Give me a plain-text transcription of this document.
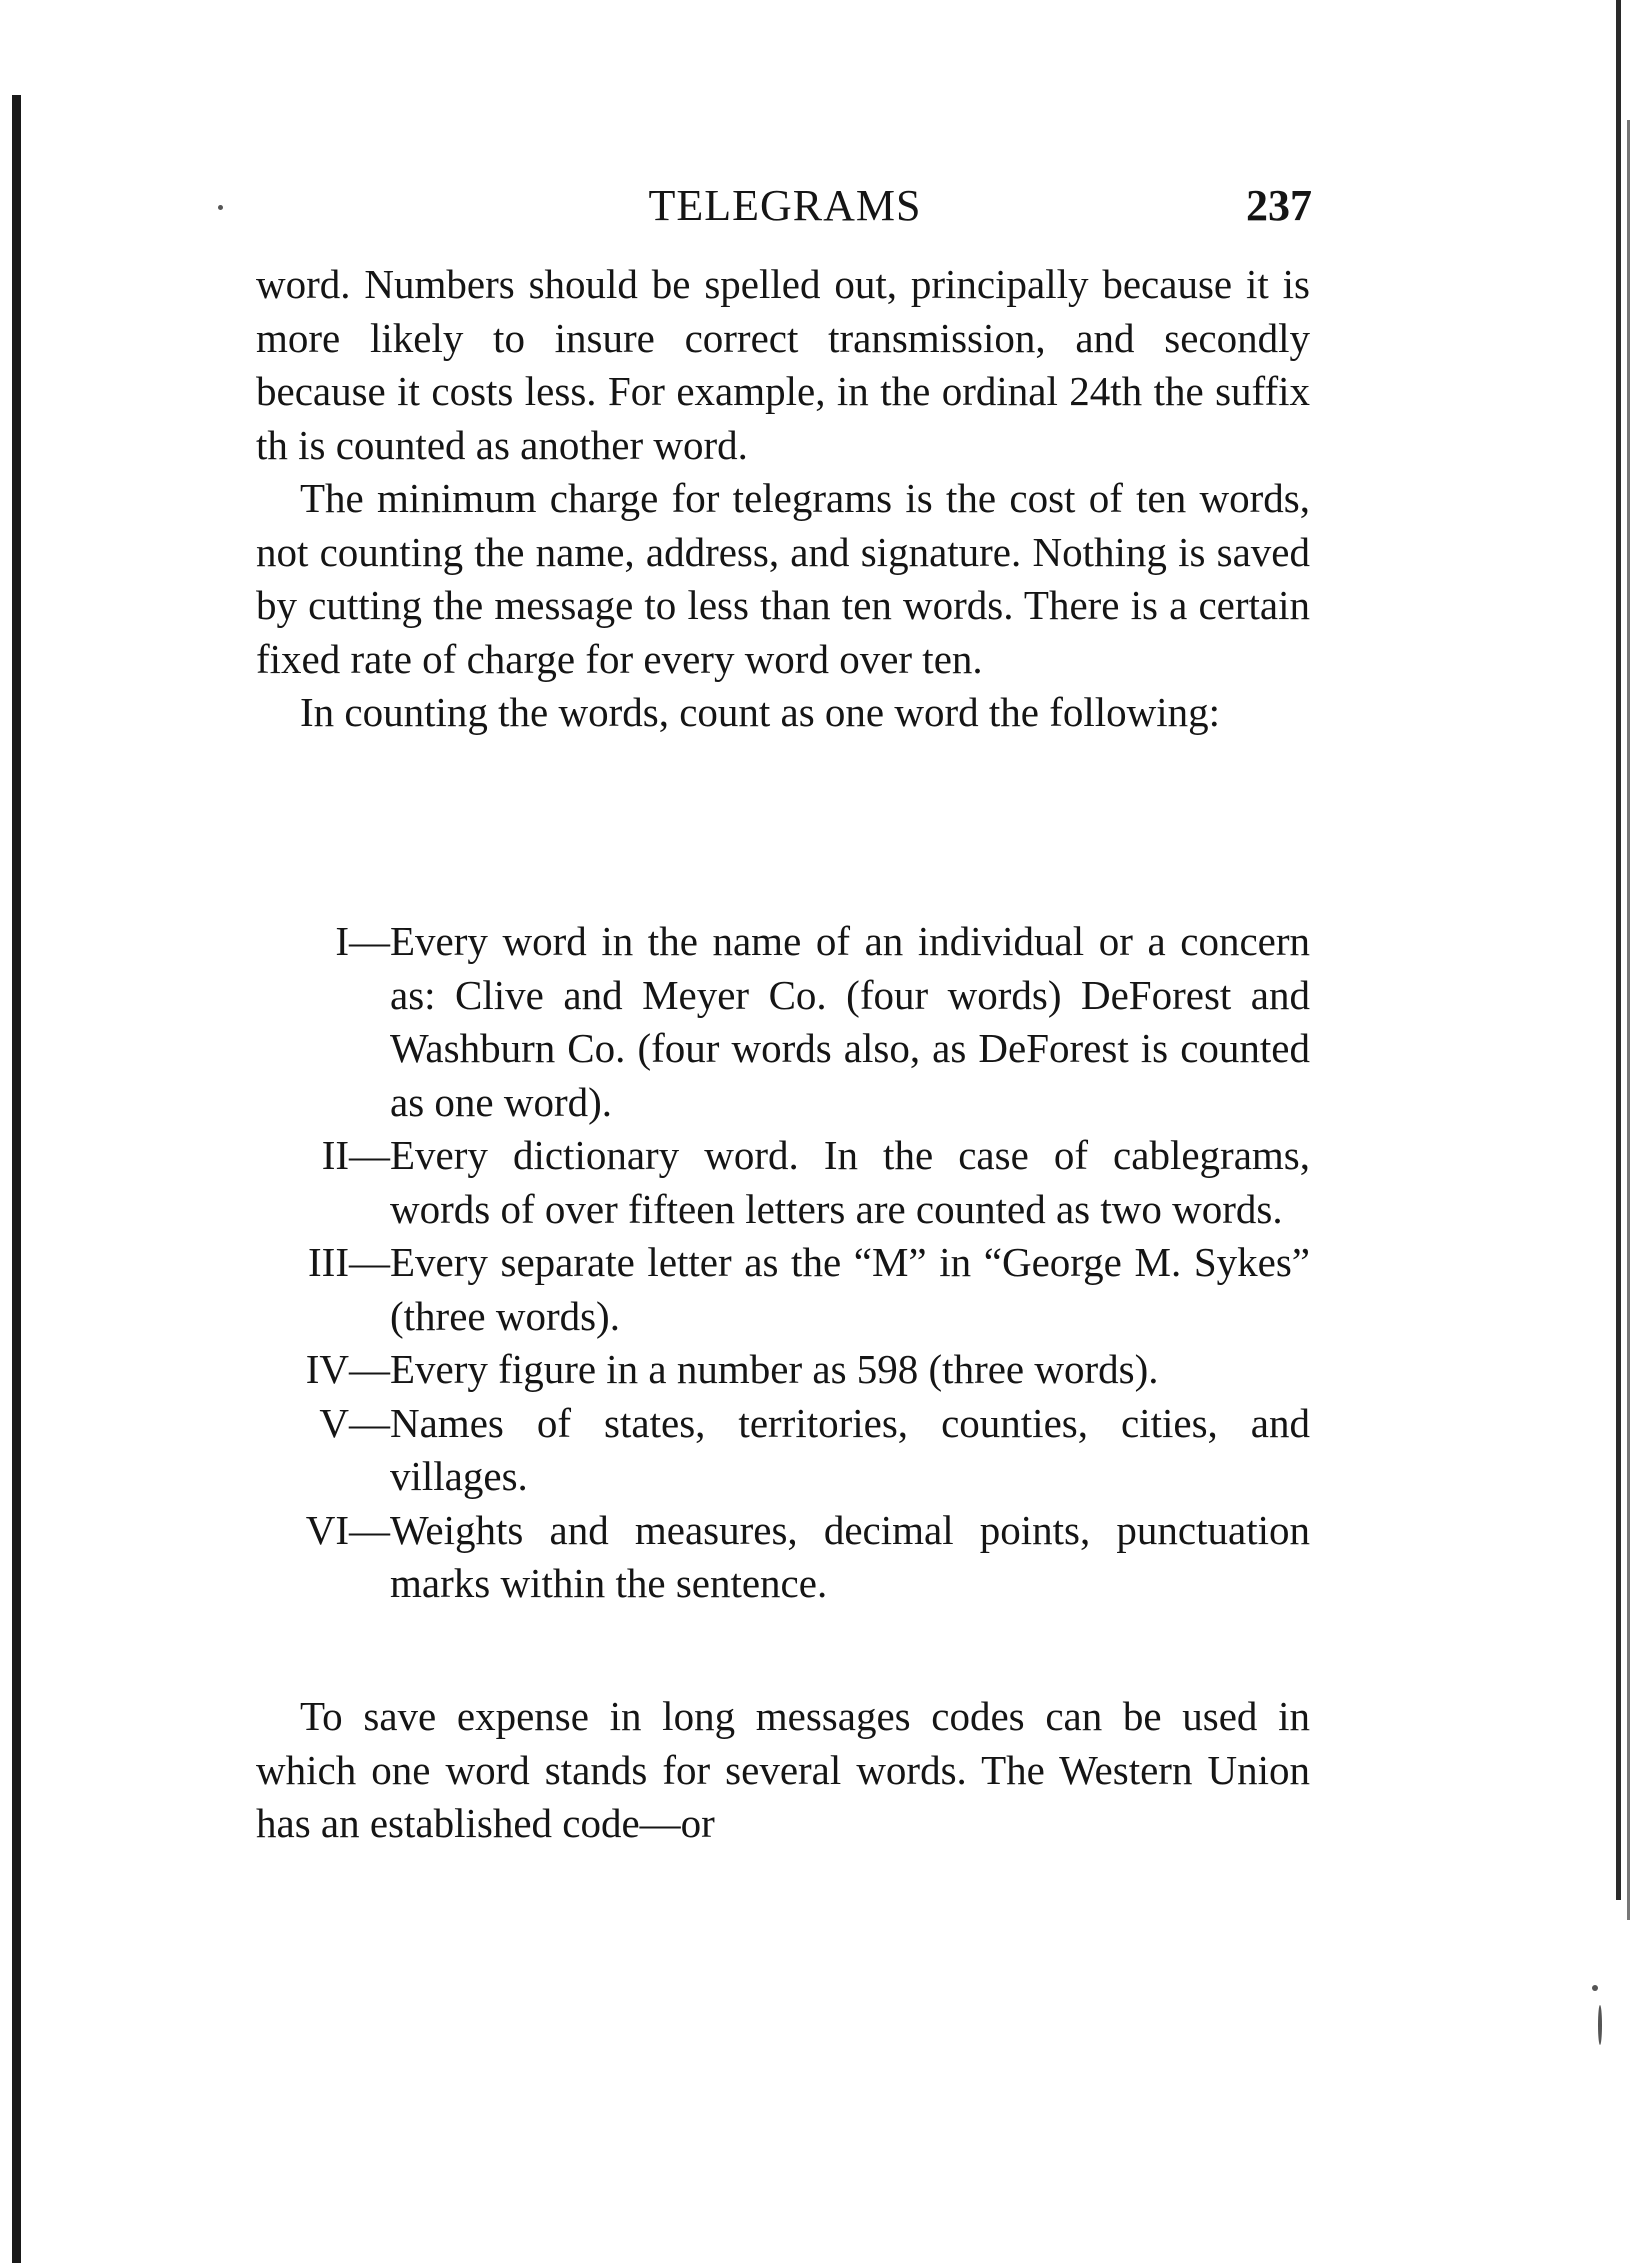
TELEGRAMS	237

word. Numbers should be spelled out, principally because it is more likely to insure correct transmission, and secondly because it costs less. For example, in the ordinal 24th the suffix th is counted as another word.

The minimum charge for telegrams is the cost of ten words, not counting the name, address, and signature. Nothing is saved by cutting the message to less than ten words. There is a certain fixed rate of charge for every word over ten.

In counting the words, count as one word the following:

I— Every word in the name of an individual or a concern as: Clive and Meyer Co. (four words) DeForest and Washburn Co. (four words also, as DeForest is counted as one word).
II— Every dictionary word. In the case of cablegrams, words of over fifteen letters are counted as two words.
III— Every separate letter as the “M” in “George M. Sykes” (three words).
IV— Every figure in a number as 598 (three words).
V— Names of states, territories, counties, cities, and villages.
VI— Weights and measures, decimal points, punctuation marks within the sentence.

To save expense in long messages codes can be used in which one word stands for several words. The Western Union has an established code—or
